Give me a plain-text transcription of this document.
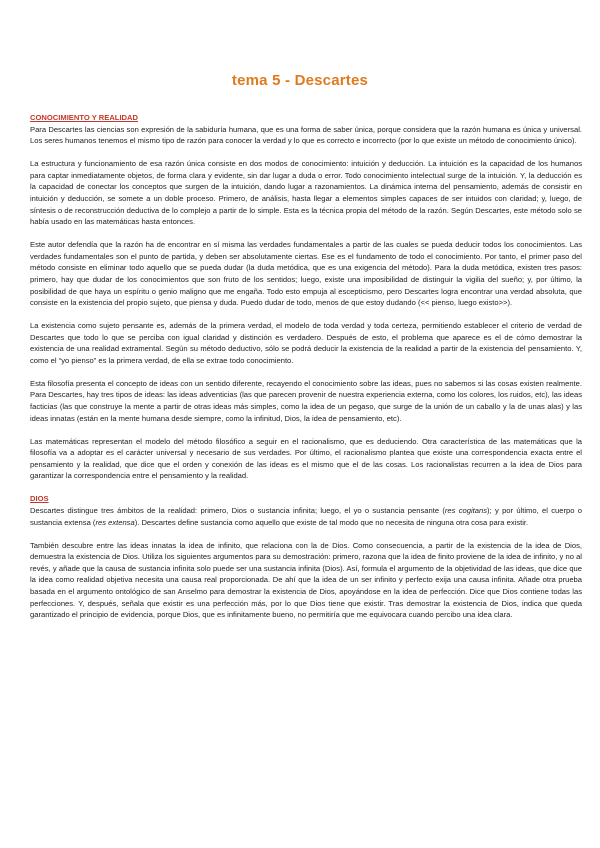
tema 5 - Descartes
CONOCIMIENTO Y REALIDAD

Para Descartes las ciencias son expresión de la sabiduría humana, que es una forma de saber única, porque considera que la razón humana es única y universal. Los seres humanos tenemos el mismo tipo de razón para conocer la verdad y lo que es correcto e incorrecto (por lo que existe un método de conocimiento único).

La estructura y funcionamiento de esa razón única consiste en dos modos de conocimiento: intuición y deducción. La intuición es la capacidad de los humanos para captar inmediatamente objetos, de forma clara y evidente, sin dar lugar a duda o error. Todo conocimiento intelectual surge de la intuición. Y, la deducción es la capacidad de conectar los conceptos que surgen de la intuición, dando lugar a razonamientos. La dinámica interna del pensamiento, además de consistir en intuición y deducción, se somete a un doble proceso. Primero, de análisis, hasta llegar a elementos simples capaces de ser intuidos con claridad; y, luego, de síntesis o de reconstrucción deductiva de lo complejo a partir de lo simple. Esta es la técnica propia del método de la razón. Según Descartes, este método solo se había usado en las matemáticas hasta entonces.

Este autor defendía que la razón ha de encontrar en sí misma las verdades fundamentales a partir de las cuales se pueda deducir todos los conocimientos. Las verdades fundamentales son el punto de partida, y deben ser absolutamente ciertas. Ese es el fundamento de todo el conocimiento. Por tanto, el primer paso del método consiste en eliminar todo aquello que se pueda dudar (la duda metódica, que es una exigencia del método). Para la duda metódica, existen tres pasos: primero, hay que dudar de los conocimientos que son fruto de los sentidos; luego, existe una imposibilidad de distinguir la vigilia del sueño; y, por último, la posibilidad de que haya un espíritu o genio maligno que me engaña. Todo esto empuja al escepticismo, pero Descartes logra encontrar una verdad absoluta, que consiste en la existencia del propio sujeto, que piensa y duda. Puedo dudar de todo, menos de que estoy dudando (<< pienso, luego existo>>).

La existencia como sujeto pensante es, además de la primera verdad, el modelo de toda verdad y toda certeza, permitiendo establecer el criterio de verdad de Descartes que todo lo que se perciba con igual claridad y distinción es verdadero. Después de esto, el problema que aparece es el de cómo demostrar la existencia de una realidad extramental. Según su método deductivo, sólo se podrá deducir la existencia de la realidad a partir de la existencia del pensamiento. Y, como el “yo pienso” es la primera verdad, de ella se extrae todo conocimiento.

Esta filosofía presenta el concepto de ideas con un sentido diferente, recayendo el conocimiento sobre las ideas, pues no sabemos si las cosas existen realmente. Para Descartes, hay tres tipos de ideas: las ideas adventicias (las que parecen provenir de nuestra experiencia externa, como los colores, los ruidos, etc), las ideas facticias (las que construye la mente a partir de otras ideas más simples, como la idea de un pegaso, que surge de la unión de un caballo y la de unas alas) y las ideas innatas (están en la mente humana desde siempre, como la infinitud, Dios, la idea de pensamiento, etc).

Las matemáticas representan el modelo del método filosófico a seguir en el racionalismo, que es deduciendo. Otra característica de las matemáticas que la filosofía va a adoptar es el carácter universal y necesario de sus verdades. Por último, el racionalismo plantea que existe una correspondencia exacta entre el pensamiento y la realidad, que dice que el orden y conexión de las ideas es el mismo que el de las cosas. Los racionalistas recurren a la idea de Dios para garantizar la correspondencia entre el pensamiento y la realidad.

DIOS

Descartes distingue tres ámbitos de la realidad: primero, Dios o sustancia infinita; luego, el yo o sustancia pensante (res cogitans); y por último, el cuerpo o sustancia extensa (res extensa). Descartes define sustancia como aquello que existe de tal modo que no necesita de ninguna otra cosa para existir.

También descubre entre las ideas innatas la idea de infinito, que relaciona con la de Dios. Como consecuencia, a partir de la existencia de la idea de Dios, demuestra la existencia de Dios. Utiliza los siguientes argumentos para su demostración: primero, razona que la idea de finito proviene de la idea de infinito, y no al revés, y añade que la causa de sustancia infinita solo puede ser una sustancia infinita (Dios). Así, formula el argumento de la objetividad de las ideas, que dice que la idea como realidad objetiva necesita una causa real proporcionada. De ahí que la idea de un ser infinito y perfecto exija una causa infinita. Añade otra prueba basada en el argumento ontológico de san Anselmo para demostrar la existencia de Dios, apoyándose en la idea de perfección. Dice que Dios contiene todas las perfecciones. Y, después, señala que existir es una perfección más, por lo que Dios tiene que existir. Tras demostrar la existencia de Dios, indica que queda garantizado el principio de evidencia, porque Dios, que es infinitamente bueno, no permitiría que me equivocara cuando percibo una idea clara.
